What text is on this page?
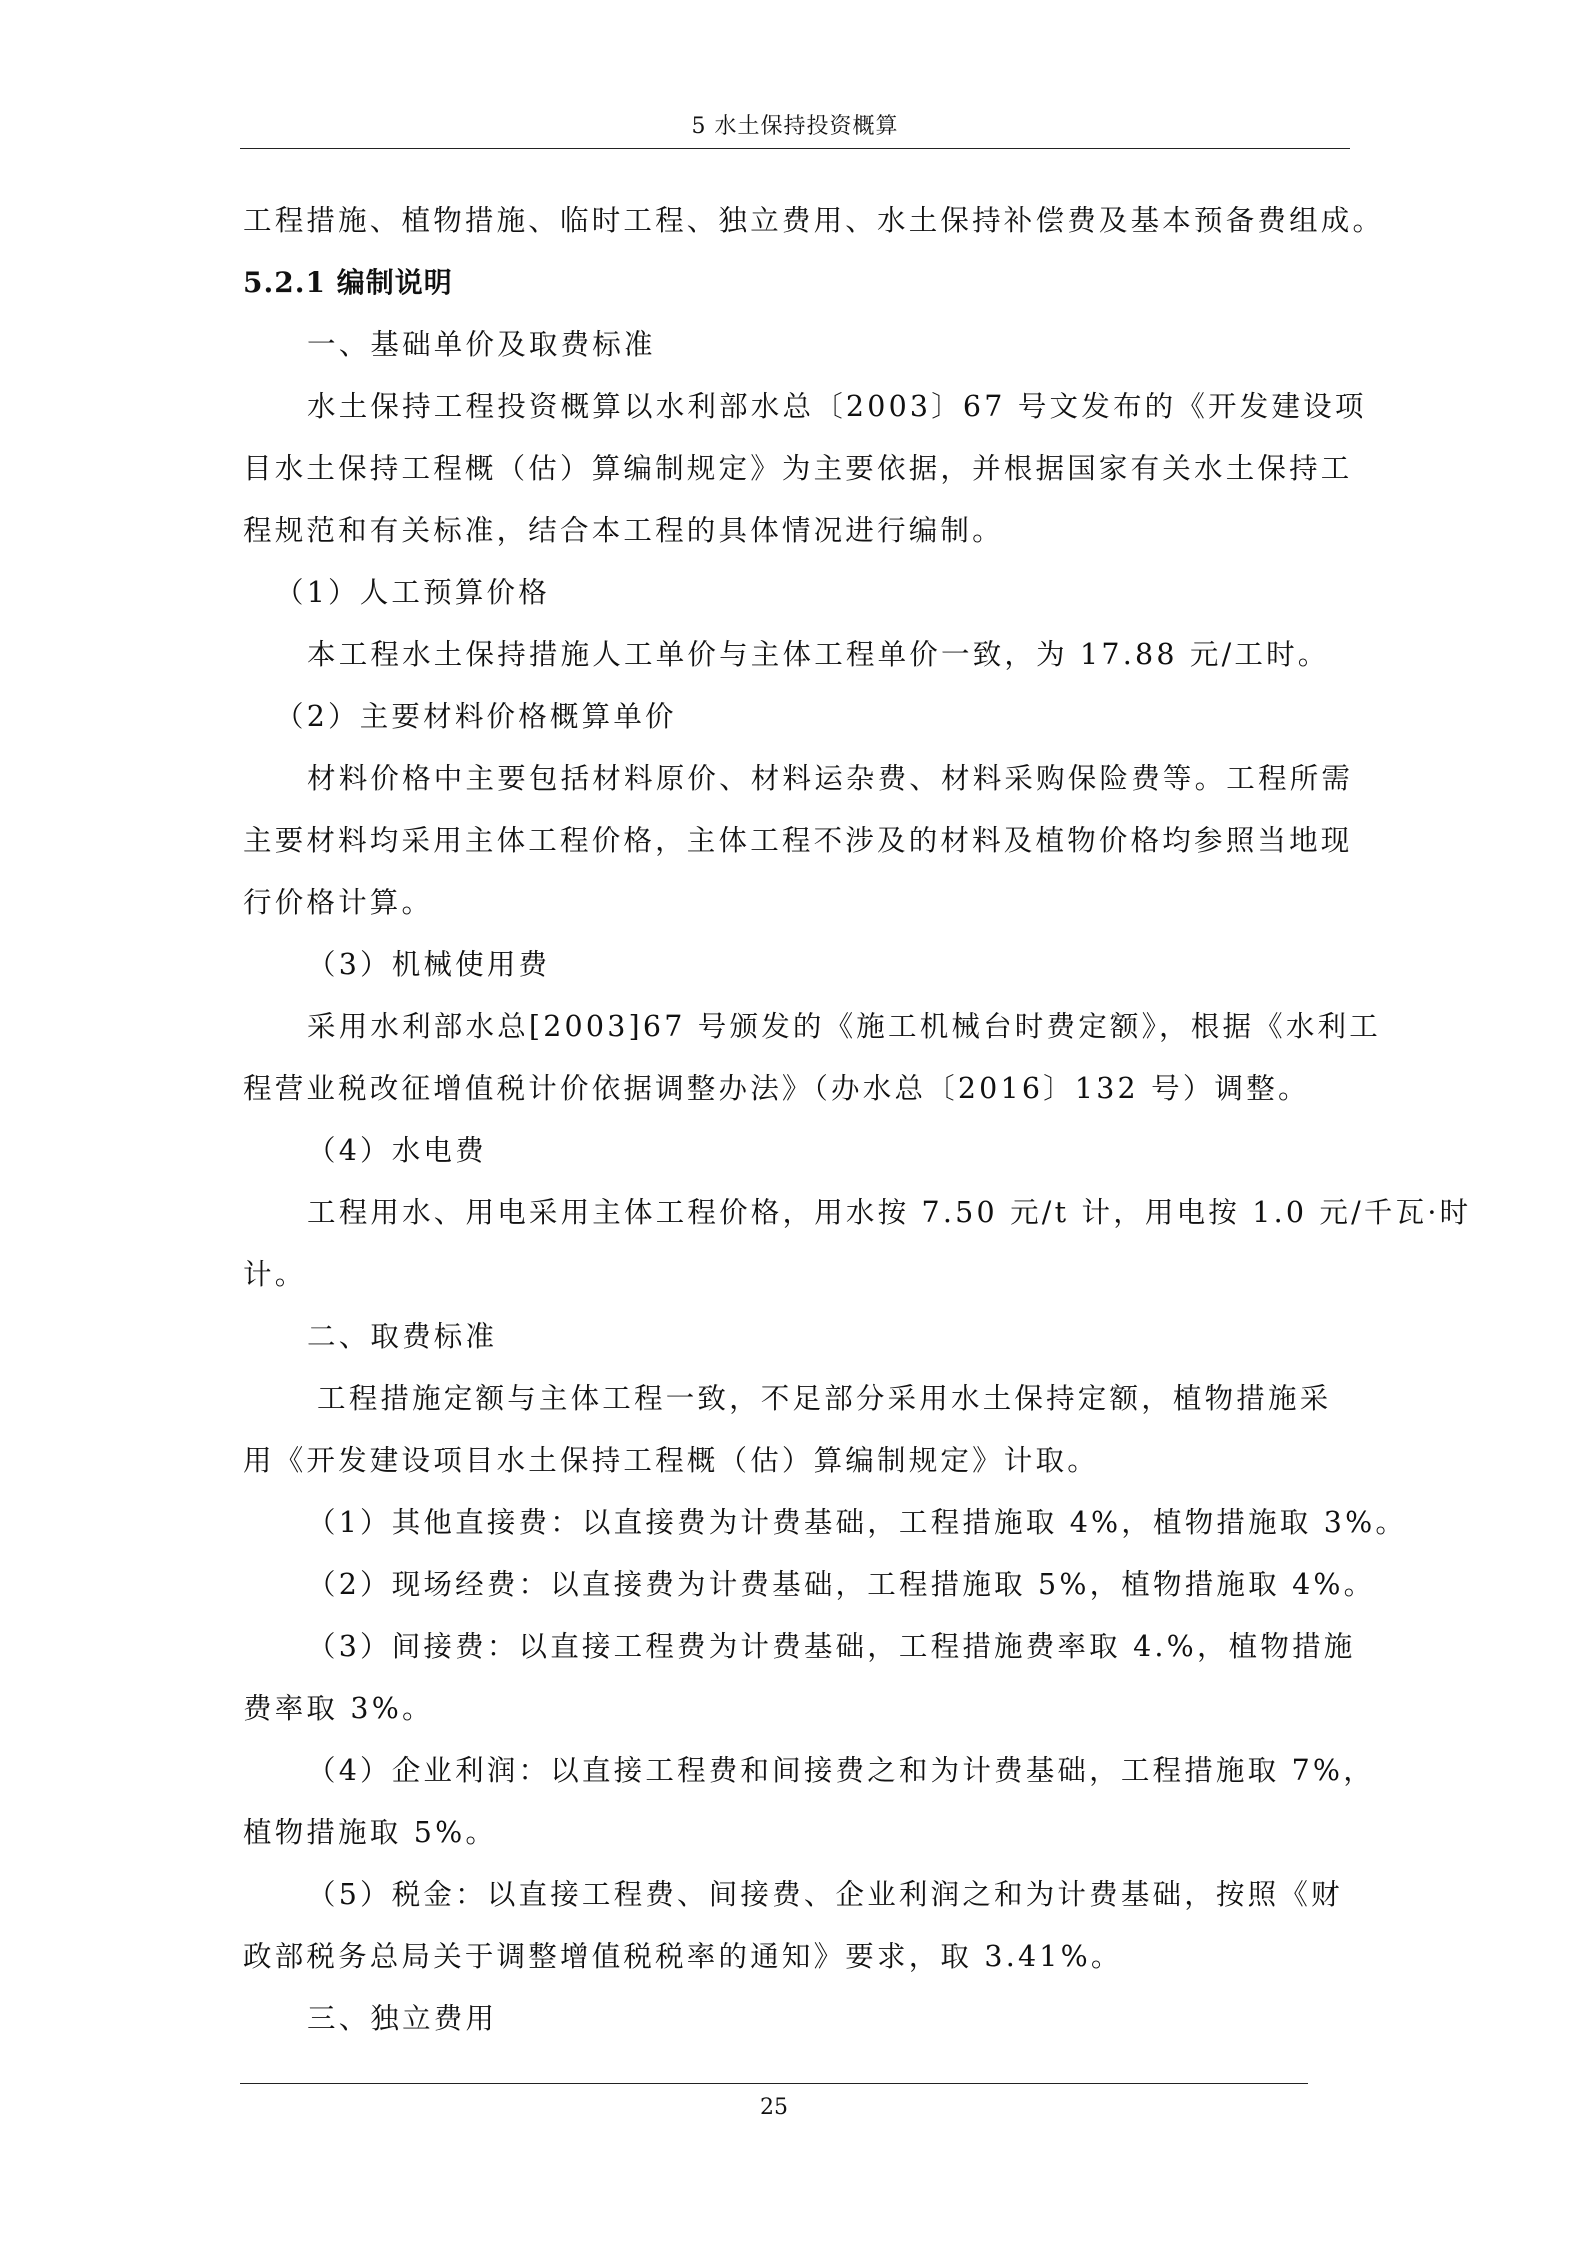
5 水土保持投资概算

工程措施、植物措施、临时工程、独立费用、水土保持补偿费及基本预备费组成。

5.2.1 编制说明

一、基础单价及取费标准

水土保持工程投资概算以水利部水总〔2003〕67 号文发布的《开发建设项

目水土保持工程概（估）算编制规定》为主要依据，并根据国家有关水土保持工

程规范和有关标准，结合本工程的具体情况进行编制。

（1）人工预算价格

本工程水土保持措施人工单价与主体工程单价一致，为 17.88 元/工时。

（2）主要材料价格概算单价

材料价格中主要包括材料原价、材料运杂费、材料采购保险费等。工程所需

主要材料均采用主体工程价格，主体工程不涉及的材料及植物价格均参照当地现

行价格计算。

（3）机械使用费

采用水利部水总[2003]67 号颁发的《施工机械台时费定额》，根据《水利工

程营业税改征增值税计价依据调整办法》（办水总〔2016〕132 号）调整。

（4）水电费

工程用水、用电采用主体工程价格，用水按 7.50 元/t 计，用电按 1.0 元/千瓦·时

计。

二、取费标准

工程措施定额与主体工程一致，不足部分采用水土保持定额，植物措施采

用《开发建设项目水土保持工程概（估）算编制规定》计取。

（1）其他直接费：以直接费为计费基础，工程措施取 4%，植物措施取 3%。

（2）现场经费：以直接费为计费基础，工程措施取 5%，植物措施取 4%。

（3）间接费：以直接工程费为计费基础，工程措施费率取 4.%，植物措施

费率取 3%。

（4）企业利润：以直接工程费和间接费之和为计费基础，工程措施取 7%，

植物措施取 5%。

（5）税金：以直接工程费、间接费、企业利润之和为计费基础，按照《财

政部税务总局关于调整增值税税率的通知》要求，取 3.41%。

三、独立费用

25
